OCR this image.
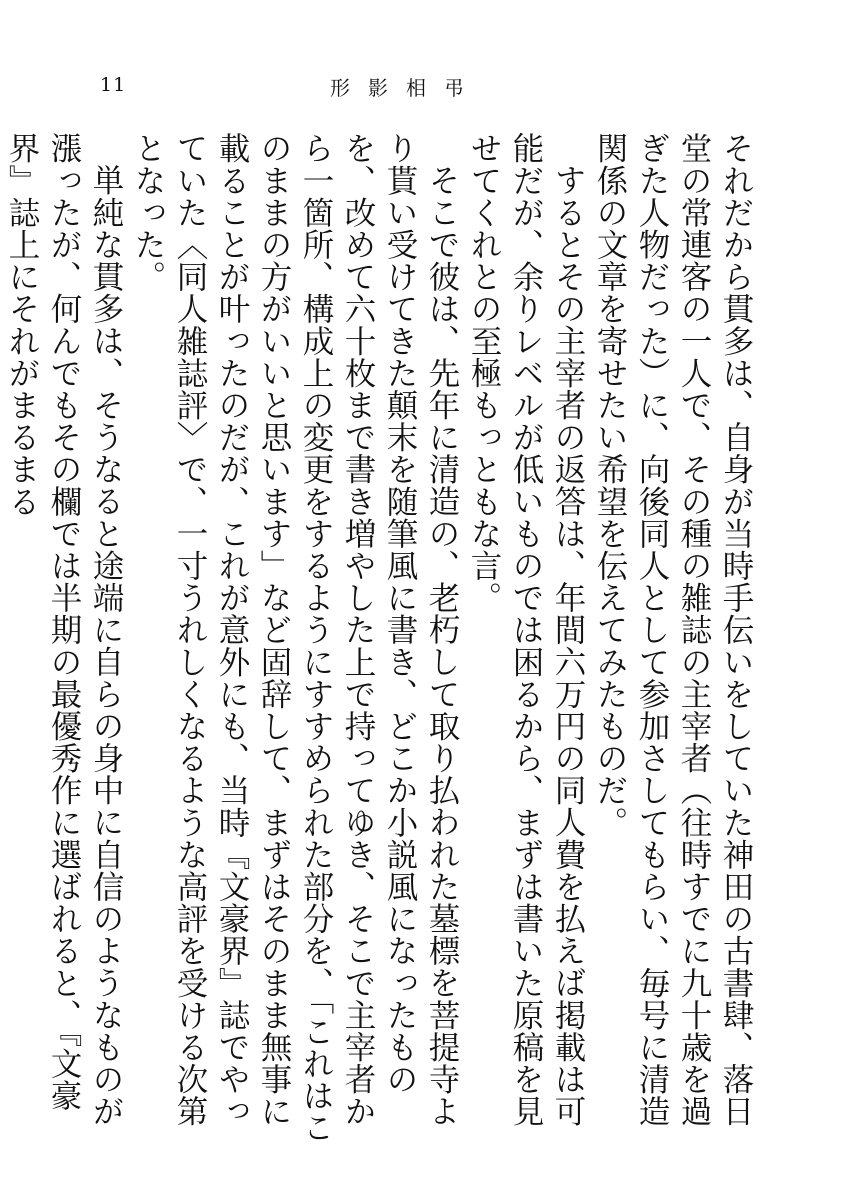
11	形影相弔

それだから貫多は、自身が当時手伝いをしていた神田の古書肆、落日堂の常連客の一人で、その種の雑誌の主宰者（往時すでに九十歳を過ぎた人物だった）に、向後同人として参加さしてもらい、毎号に清造関係の文章を寄せたい希望を伝えてみたものだ。

するとその主宰者の返答は、年間六万円の同人費を払えば掲載は可能だが、余りレベルが低いものでは困るから、まずは書いた原稿を見せてくれとの至極もっともな言。

そこで彼は、先年に清造の、老朽して取り払われた墓標を菩提寺より貰い受けてきた顛末を随筆風に書き、どこか小説風になったものを、改めて六十枚まで書き増やした上で持ってゆき、そこで主宰者から一箇所、構成上の変更をするようにすすめられた部分を、「これはこのままの方がいいと思います」など固辞して、まずはそのまま無事に載ることが叶ったのだが、これが意外にも、当時『文豪界』誌でやっていた〈同人雑誌評〉で、一寸うれしくなるような高評を受ける次第となった。

単純な貫多は、そうなると途端に自らの身中に自信のようなものが漲ったが、何んでもその欄では半期の最優秀作に選ばれると、『文豪界』誌上にそれがまるまる
